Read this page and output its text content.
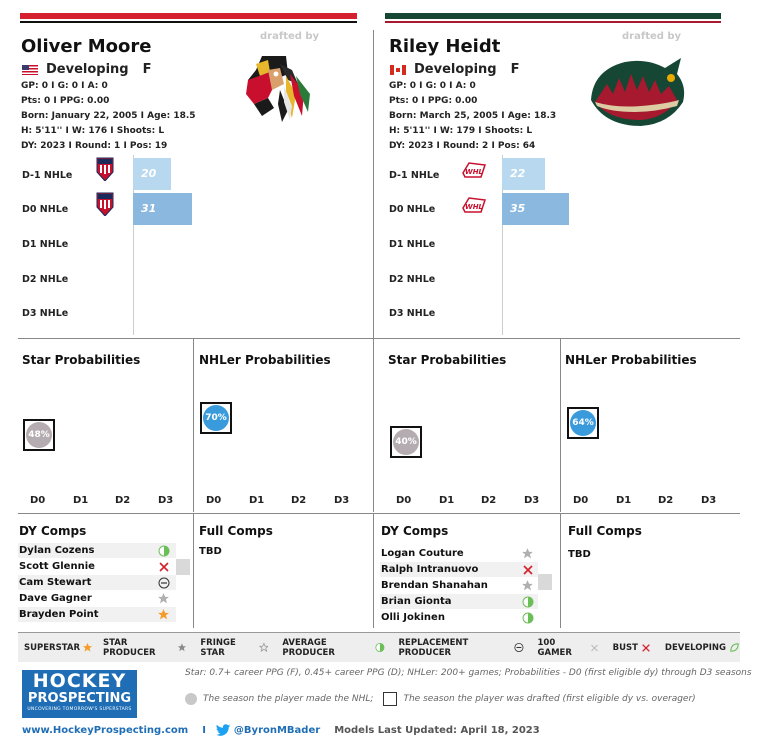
Oliver Moore	drafted by
Developing F
GP: 0 I G: 0 I A: 0
Pts: 0 I PPG: 0.00
Born: January 22, 2005 I Age: 18.5
H: 5'11'' I W: 176 I Shoots: L
DY: 2023 I Round: 1 I Pos: 19
D-1 NHLe
D0 NHLe
D1 NHLe
D2 NHLe
D3 NHLe
20
31
Riley Heidt	drafted by
Developing F
GP: 0 I G: 0 I A: 0
Pts: 0 I PPG: 0.00
Born: March 25, 2005 I Age: 18.3
H: 5'11'' I W: 179 I Shoots: L
DY: 2023 I Round: 2 I Pos: 64
D-1 NHLe
D0 NHLe
D1 NHLe
D2 NHLe
D3 NHLe
WHL
WHL
22
35
Star Probabilities	NHLer Probabilities	Star Probabilities	NHLer Probabilities
48%
70%
40%
64%
D0	D1	D2	D3	D0	D1	D2	D3	D0	D1	D2	D3	D0	D1	D2	D3
DY Comps	Full Comps	DY Comps	Full Comps
TBD	TBD
Dylan Cozens
Scott Glennie
Cam Stewart
Dave Gagner
Brayden Point
Logan Couture
Ralph Intranuovo
Brendan Shanahan
Brian Gionta
Olli Jokinen
SUPERSTAR	STAR PRODUCER
FRINGE STAR
AVERAGE PRODUCER
REPLACEMENT PRODUCER
100 GAMER	BUST	DEVELOPING
HOCKEY
PROSPECTING
UNCOVERING TOMORROW'S SUPERSTARS
Star: 0.7+ career PPG (F), 0.45+ career PPG (D); NHLer: 200+ games; Probabilities - D0 (first eligible dy) through D3 seasons
The season the player made the NHL;	The season the player was drafted (first eligible dy vs. overager)
www.HockeyProspecting.com I	@ByronMBader Models Last Updated: April 18, 2023
